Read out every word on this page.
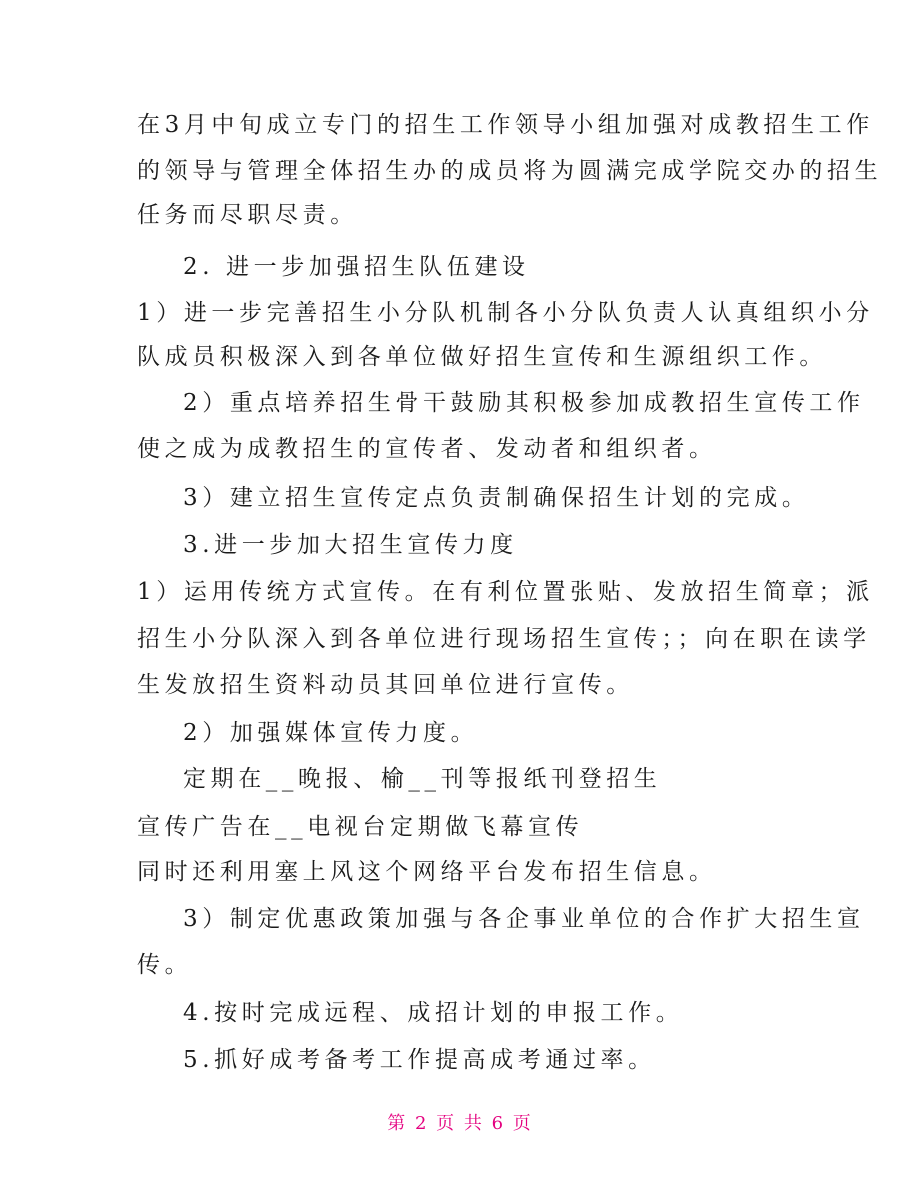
在3月中旬成立专门的招生工作领导小组加强对成教招生工作
的领导与管理全体招生办的成员将为圆满完成学院交办的招生
任务而尽职尽责。
2. 进一步加强招生队伍建设
1）进一步完善招生小分队机制各小分队负责人认真组织小分
队成员积极深入到各单位做好招生宣传和生源组织工作。
2）重点培养招生骨干鼓励其积极参加成教招生宣传工作
使之成为成教招生的宣传者、发动者和组织者。
3）建立招生宣传定点负责制确保招生计划的完成。
3.进一步加大招生宣传力度
1）运用传统方式宣传。在有利位置张贴、发放招生简章；派
招生小分队深入到各单位进行现场招生宣传；；向在职在读学
生发放招生资料动员其回单位进行宣传。
2）加强媒体宣传力度。
定期在__晚报、榆__刊等报纸刊登招生
宣传广告在__电视台定期做飞幕宣传
同时还利用塞上风这个网络平台发布招生信息。
3）制定优惠政策加强与各企事业单位的合作扩大招生宣
传。
4.按时完成远程、成招计划的申报工作。
5.抓好成考备考工作提高成考通过率。
第 2 页 共 6 页
